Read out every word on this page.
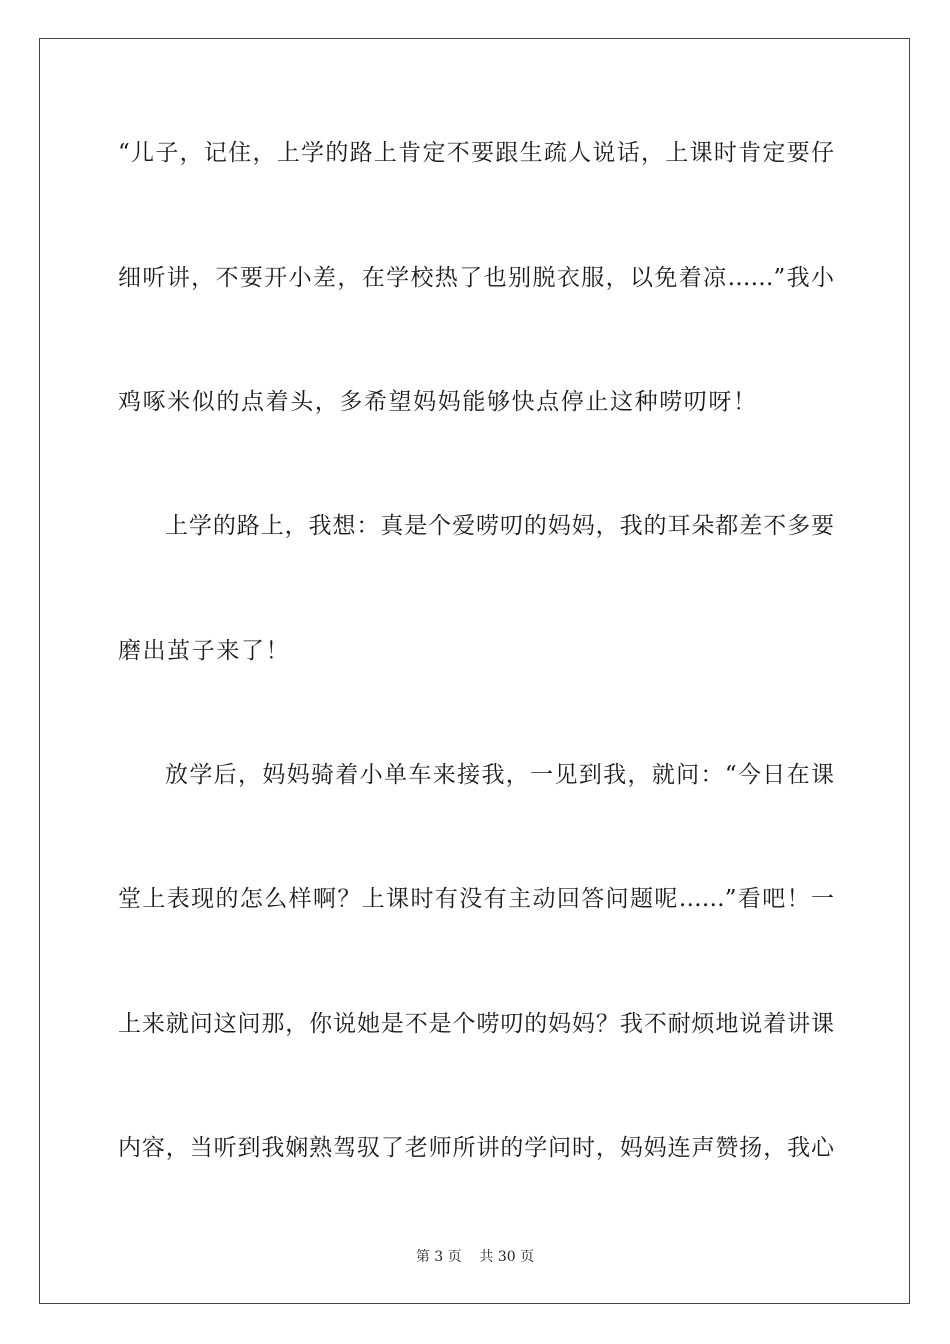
“儿子，记住，上学的路上肯定不要跟生疏人说话，上课时肯定要仔
细听讲，不要开小差，在学校热了也别脱衣服，以免着凉……”我小
鸡啄米似的点着头，多希望妈妈能够快点停止这种唠叨呀！
上学的路上，我想：真是个爱唠叨的妈妈，我的耳朵都差不多要
磨出茧子来了！
放学后，妈妈骑着小单车来接我，一见到我，就问：“今日在课
堂上表现的怎么样啊？上课时有没有主动回答问题呢……”看吧！一
上来就问这问那，你说她是不是个唠叨的妈妈？我不耐烦地说着讲课
内容，当听到我娴熟驾驭了老师所讲的学问时，妈妈连声赞扬，我心
第 3 页    共 30 页
